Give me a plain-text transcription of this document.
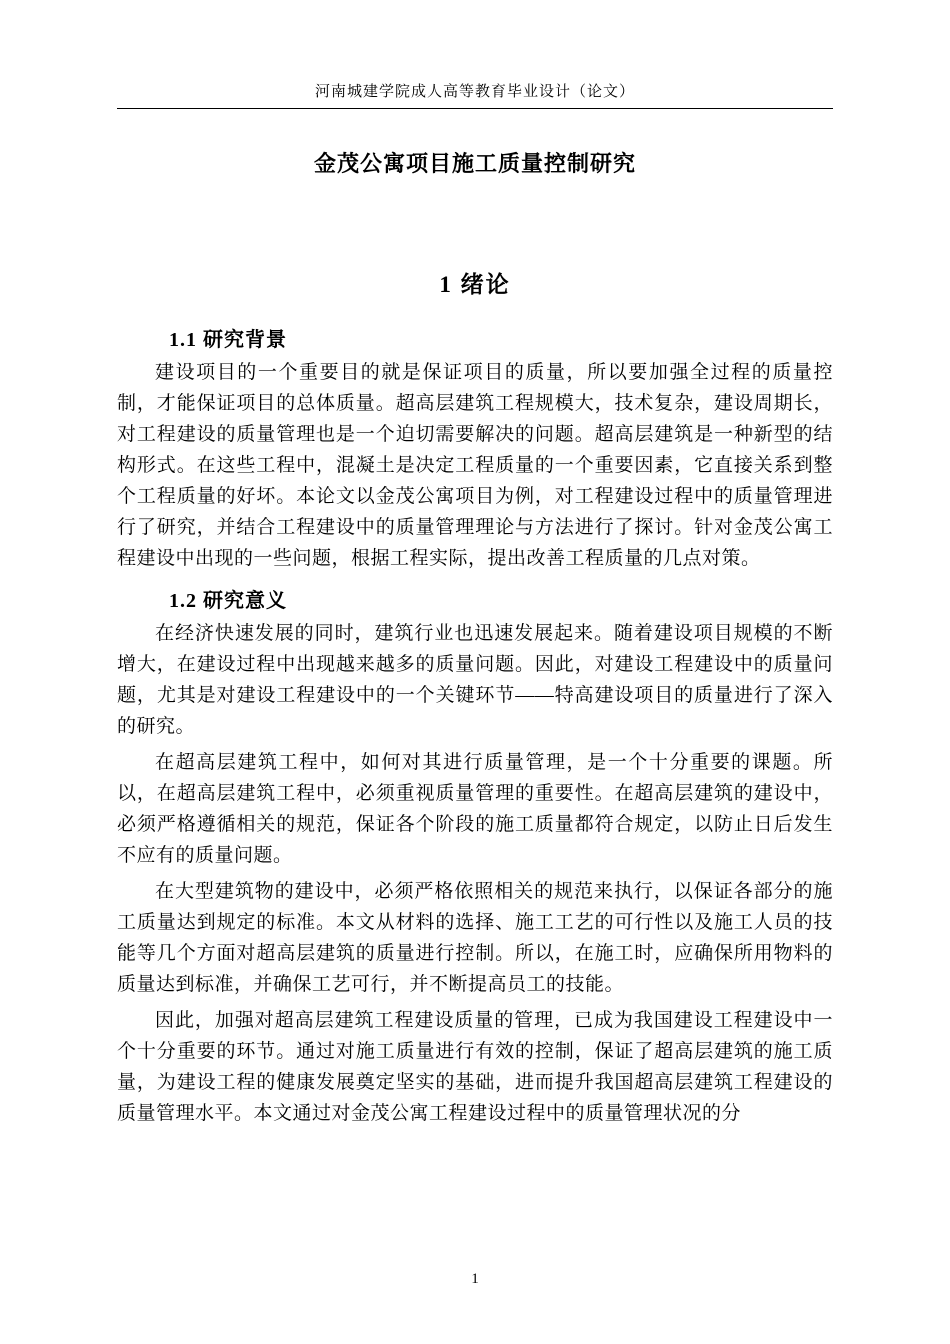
河南城建学院成人高等教育毕业设计（论文）
金茂公寓项目施工质量控制研究
1 绪论
1.1 研究背景

建设项目的一个重要目的就是保证项目的质量，所以要加强全过程的质量控制，才能保证项目的总体质量。超高层建筑工程规模大，技术复杂，建设周期长，对工程建设的质量管理也是一个迫切需要解决的问题。超高层建筑是一种新型的结构形式。在这些工程中，混凝土是决定工程质量的一个重要因素，它直接关系到整个工程质量的好坏。本论文以金茂公寓项目为例，对工程建设过程中的质量管理进行了研究，并结合工程建设中的质量管理理论与方法进行了探讨。针对金茂公寓工程建设中出现的一些问题，根据工程实际，提出改善工程质量的几点对策。

1.2 研究意义

在经济快速发展的同时，建筑行业也迅速发展起来。随着建设项目规模的不断增大，在建设过程中出现越来越多的质量问题。因此，对建设工程建设中的质量问题，尤其是对建设工程建设中的一个关键环节——特高建设项目的质量进行了深入的研究。

在超高层建筑工程中，如何对其进行质量管理，是一个十分重要的课题。所以，在超高层建筑工程中，必须重视质量管理的重要性。在超高层建筑的建设中，必须严格遵循相关的规范，保证各个阶段的施工质量都符合规定，以防止日后发生不应有的质量问题。

在大型建筑物的建设中，必须严格依照相关的规范来执行，以保证各部分的施工质量达到规定的标准。本文从材料的选择、施工工艺的可行性以及施工人员的技能等几个方面对超高层建筑的质量进行控制。所以，在施工时，应确保所用物料的质量达到标准，并确保工艺可行，并不断提高员工的技能。

因此，加强对超高层建筑工程建设质量的管理，已成为我国建设工程建设中一个十分重要的环节。通过对施工质量进行有效的控制，保证了超高层建筑的施工质量，为建设工程的健康发展奠定坚实的基础，进而提升我国超高层建筑工程建设的质量管理水平。本文通过对金茂公寓工程建设过程中的质量管理状况的分

1
